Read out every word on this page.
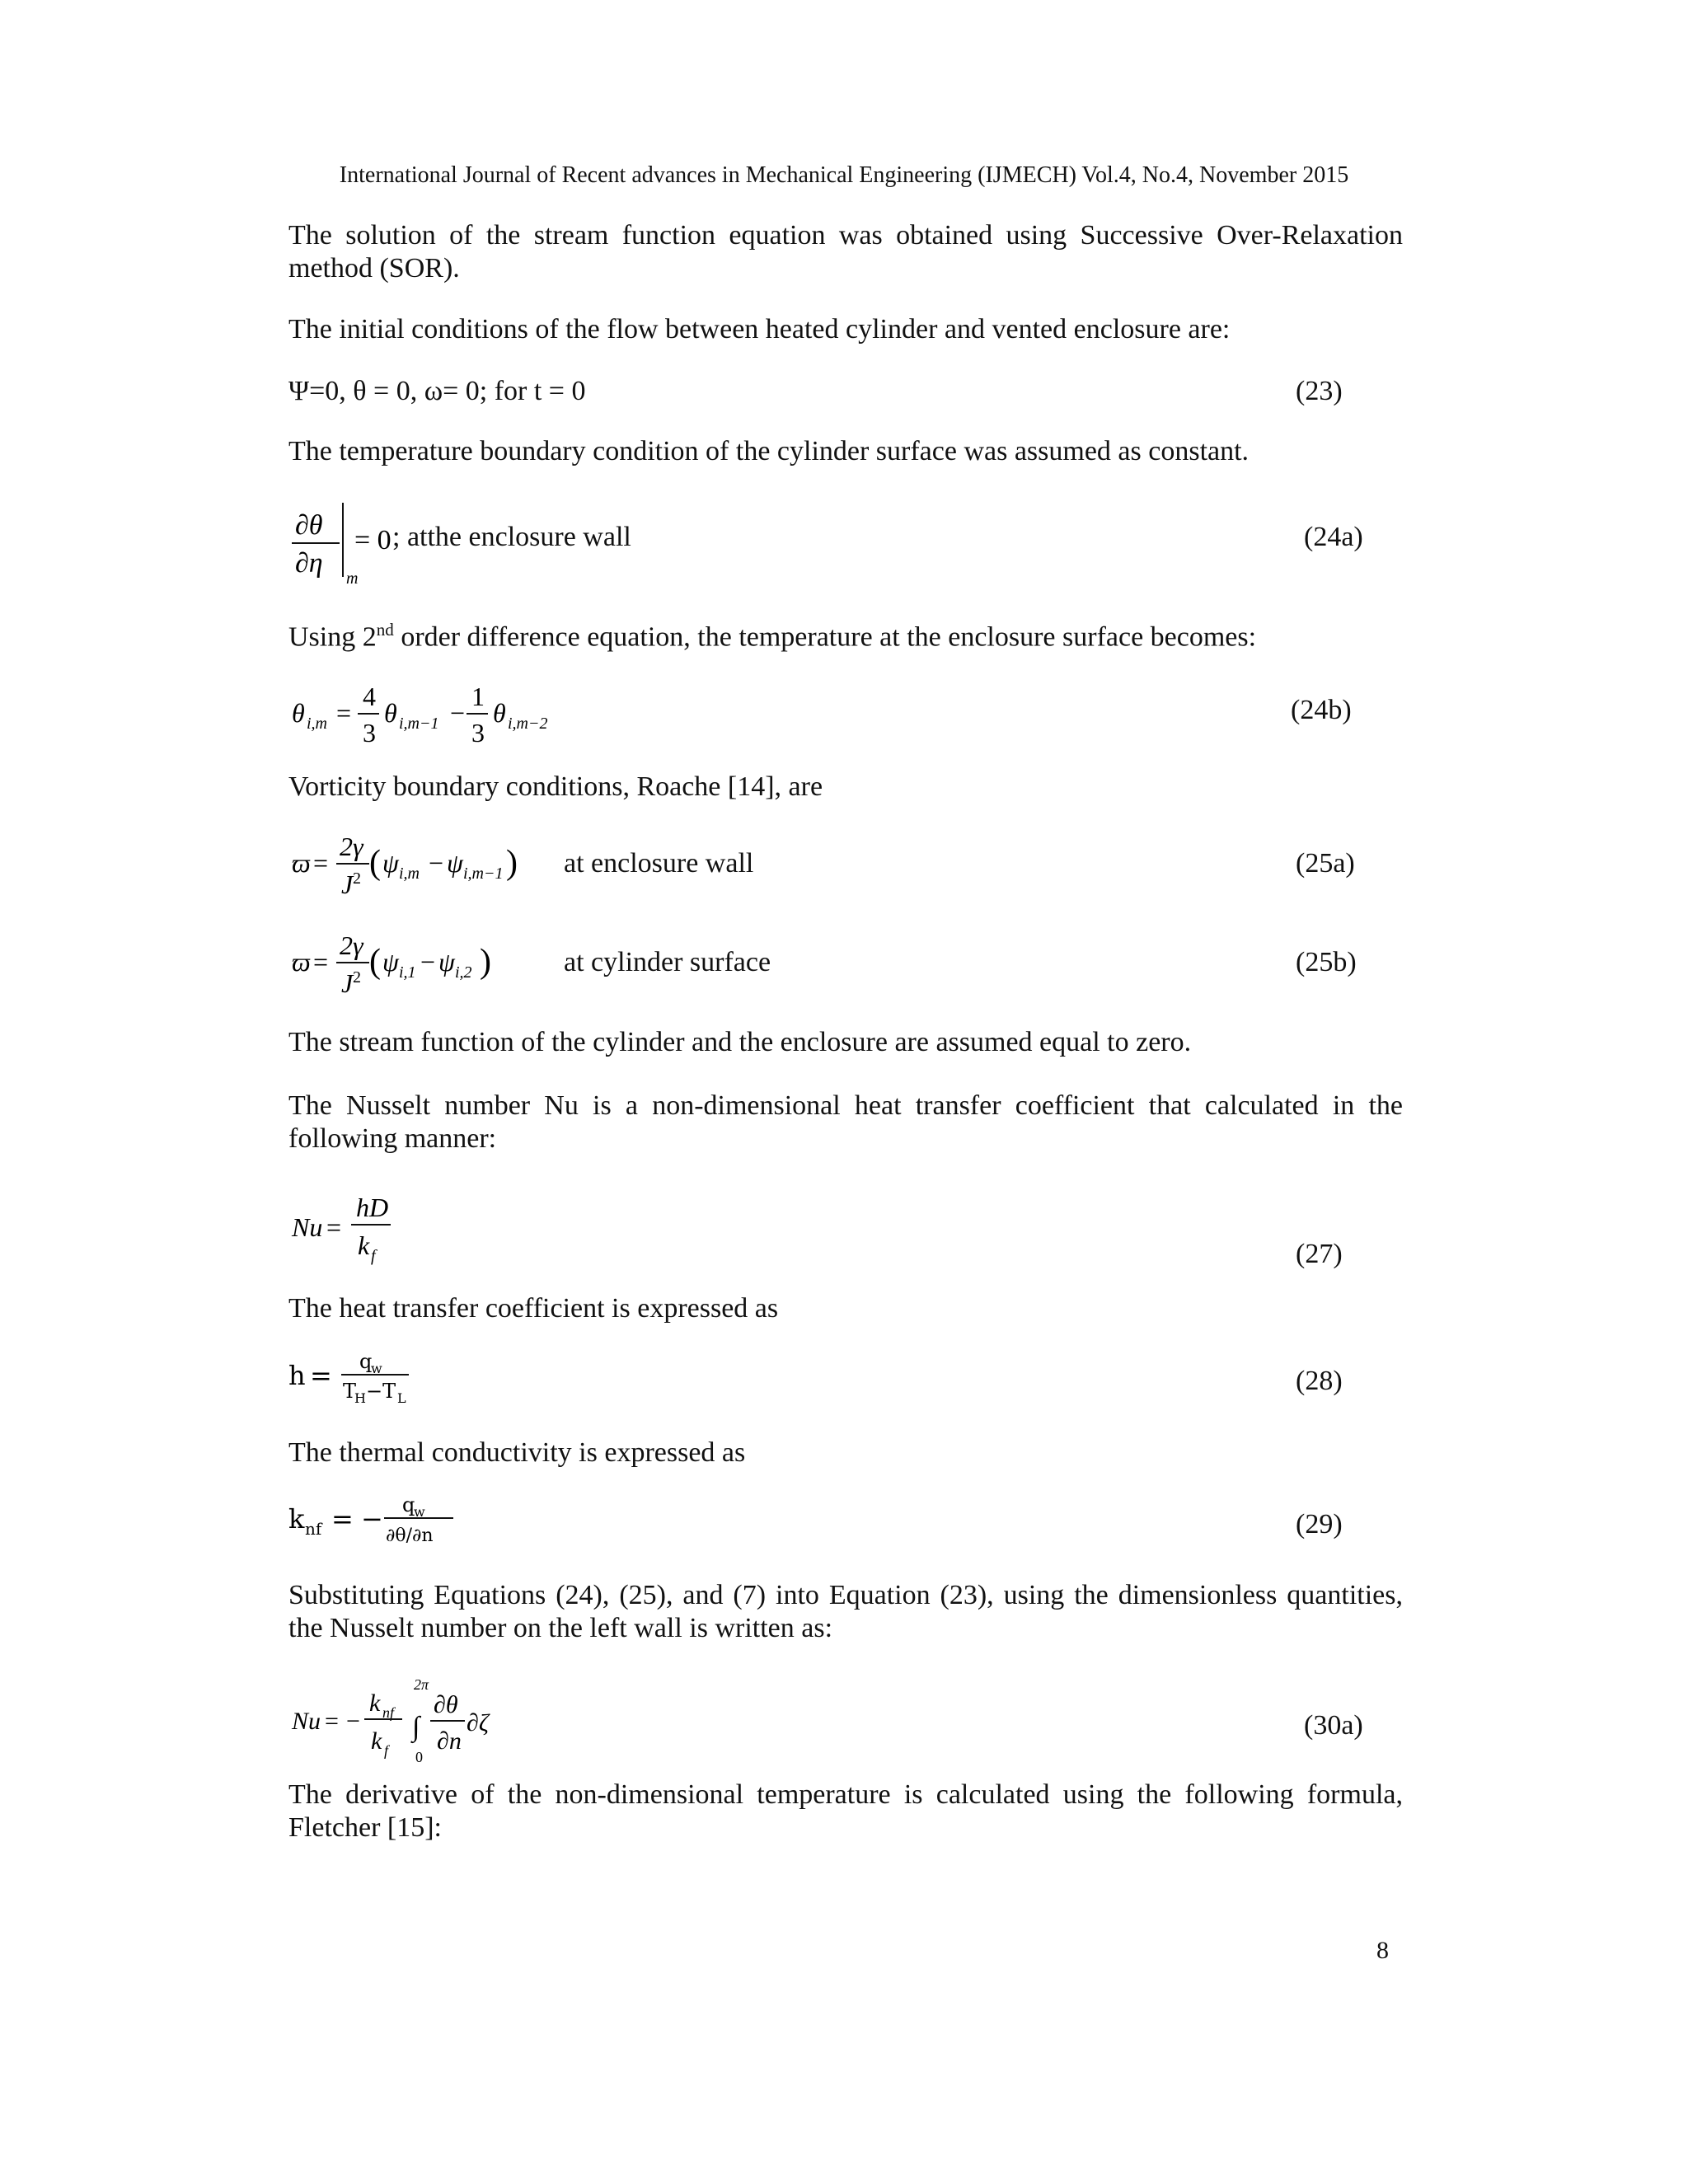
International Journal of Recent advances in Mechanical Engineering (IJMECH) Vol.4, No.4, November 2015

The solution of the stream function equation was obtained using Successive Over-Relaxation method (SOR).

The initial conditions of the flow between heated cylinder and vented enclosure are:

Ψ=0, θ = 0, ω= 0; for t = 0	(23)

The temperature boundary condition of the cylinder surface was assumed as constant.

∂θ
∂η m
= 0 ; atthe enclosure wall	(24a)

Using 2nd order difference equation, the temperature at the enclosure surface becomes:

θ i,m =
4
3
θ i,m−1 −
1
3
θ i,m−2	(24b)

Vorticity boundary conditions, Roache [14], are

ϖ =
2γ
J 2 ( ψ i,m − ψ i,m−1 ) at enclosure wall	(25a)
ϖ =
2γ
J 2 ( ψ i,1 − ψ i,2 )	at cylinder surface	(25b)

The stream function of the cylinder and the enclosure are assumed equal to zero.

The Nusselt number Nu is a non-dimensional heat transfer coefficient that calculated in the following manner:

Nu =
hD
k f	(27)

The heat transfer coefficient is expressed as

h = q
w
T
H −T L
(28)

The thermal conductivity is expressed as

k nf = − q
w
∂θ/∂n	(29)

Substituting Equations (24), (25), and (7) into Equation (23), using the dimensionless quantities, the Nusselt number on the left wall is written as:

Nu = −
k nf
k f
2π
∫
0
∂θ
∂n
∂ζ	(30a)

The derivative of the non-dimensional temperature is calculated using the following formula, Fletcher [15]:

8
